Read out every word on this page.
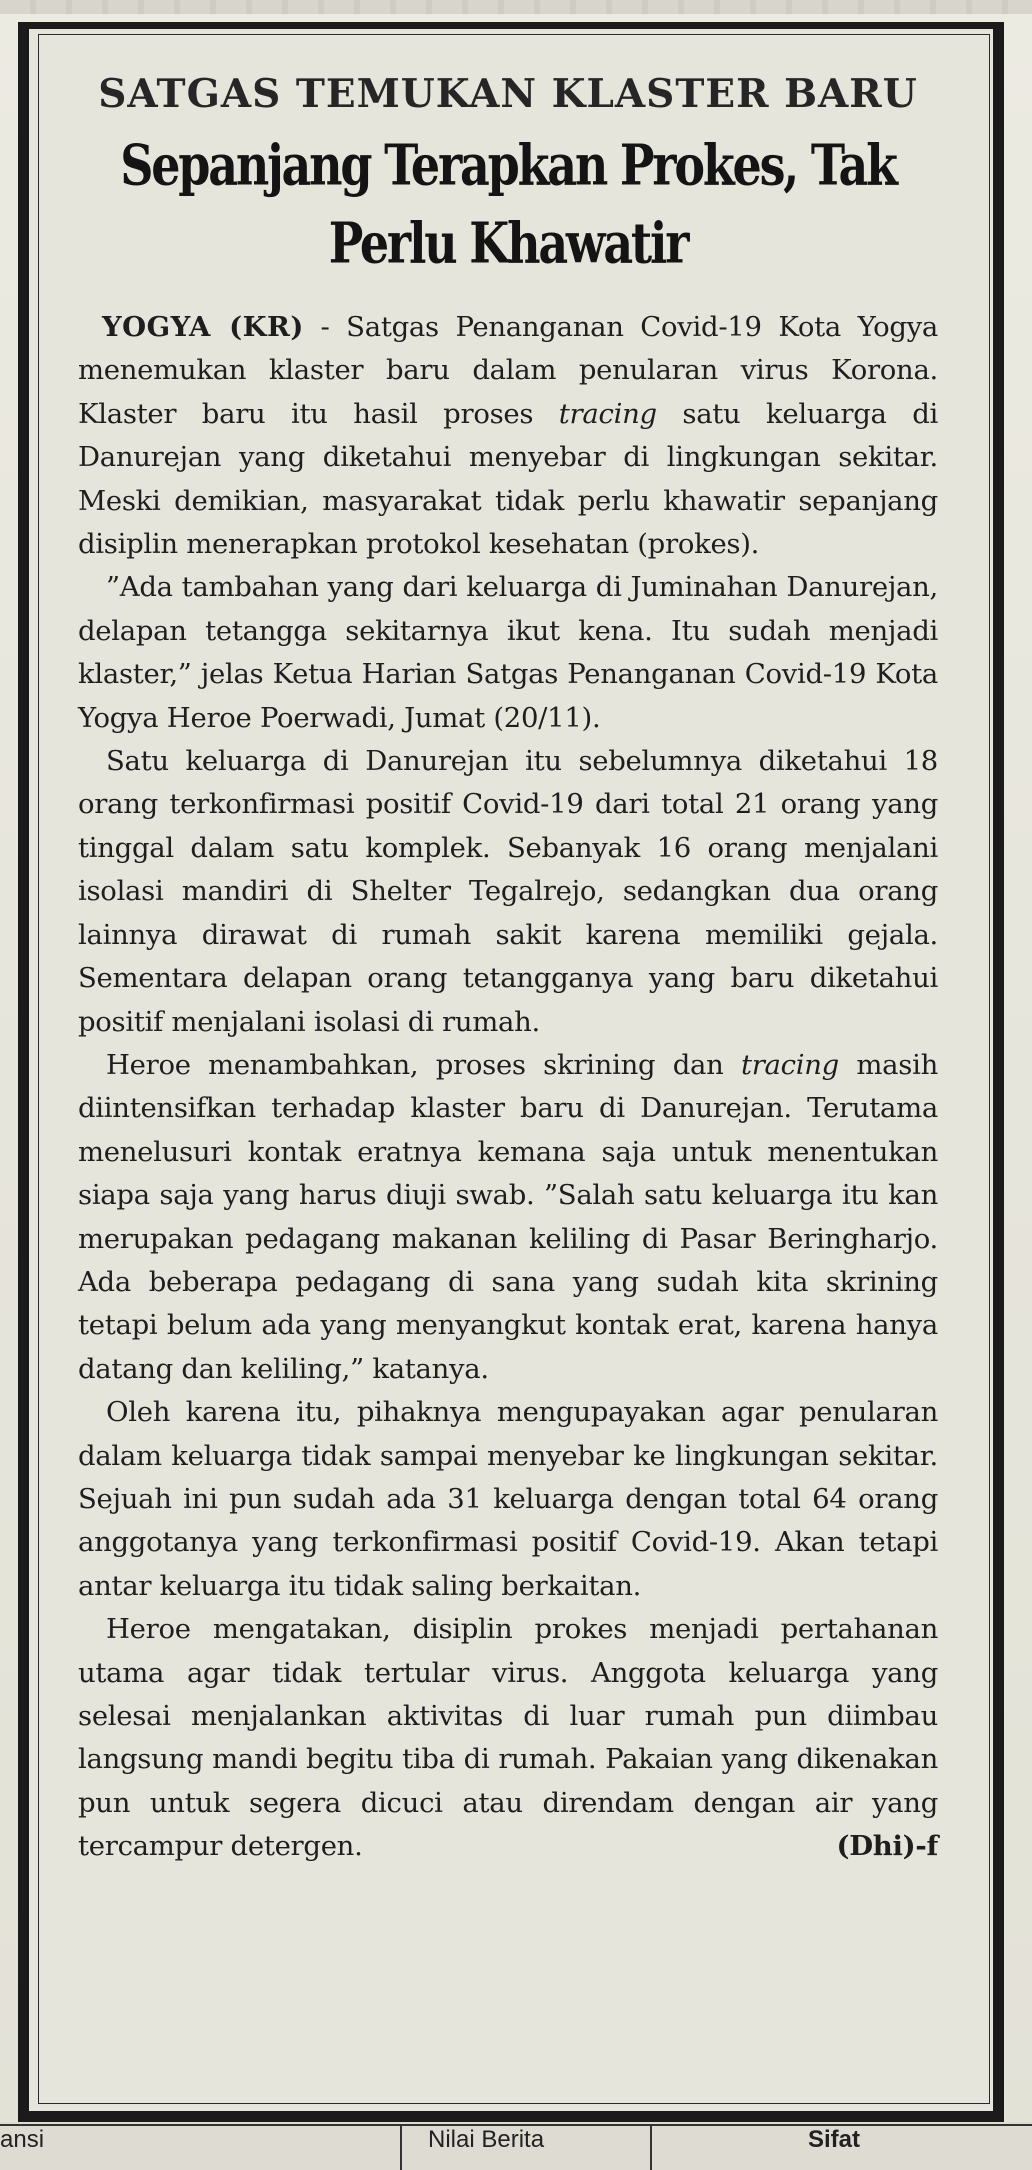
SATGAS TEMUKAN KLASTER BARU
Sepanjang Terapkan Prokes, Tak Perlu Khawatir

YOGYA (KR) - Satgas Penanganan Covid-19 Kota Yogya menemukan klaster baru dalam penularan virus Korona. Klaster baru itu hasil proses tracing satu keluarga di Danurejan yang diketahui menyebar di lingkungan sekitar. Meski demikian, masyarakat tidak perlu khawatir sepanjang disiplin menerapkan protokol kesehatan (prokes).

”Ada tambahan yang dari keluarga di Juminahan Danurejan, delapan tetangga sekitarnya ikut kena. Itu sudah menjadi klaster,” jelas Ketua Harian Satgas Penanganan Covid-19 Kota Yogya Heroe Poerwadi, Jumat (20/11).

Satu keluarga di Danurejan itu sebelumnya diketahui 18 orang terkonfirmasi positif Covid-19 dari total 21 orang yang tinggal dalam satu komplek. Sebanyak 16 orang menjalani isolasi mandiri di Shelter Tegalrejo, sedangkan dua orang lainnya dirawat di rumah sakit karena memiliki gejala. Sementara delapan orang tetangganya yang baru diketahui positif menjalani isolasi di rumah.

Heroe menambahkan, proses skrining dan tracing masih diintensifkan terhadap klaster baru di Danurejan. Terutama menelusuri kontak eratnya kemana saja untuk menentukan siapa saja yang harus diuji swab. ”Salah satu keluarga itu kan merupakan pedagang makanan keliling di Pasar Beringharjo. Ada beberapa pedagang di sana yang sudah kita skrining tetapi belum ada yang menyangkut kontak erat, karena hanya datang dan keliling,” katanya.

Oleh karena itu, pihaknya mengupayakan agar penularan dalam keluarga tidak sampai menyebar ke lingkungan sekitar. Sejuah ini pun sudah ada 31 keluarga dengan total 64 orang anggotanya yang terkonfirmasi positif Covid-19. Akan tetapi antar keluarga itu tidak saling berkaitan.

Heroe mengatakan, disiplin prokes menjadi pertahanan utama agar tidak tertular virus. Anggota keluarga yang selesai menjalankan aktivitas di luar rumah pun diimbau langsung mandi begitu tiba di rumah. Pakaian yang dikenakan pun untuk segera dicuci atau direndam dengan air yang tercampur detergen.	(Dhi)-f

ansi	Nilai Berita	Sifat
